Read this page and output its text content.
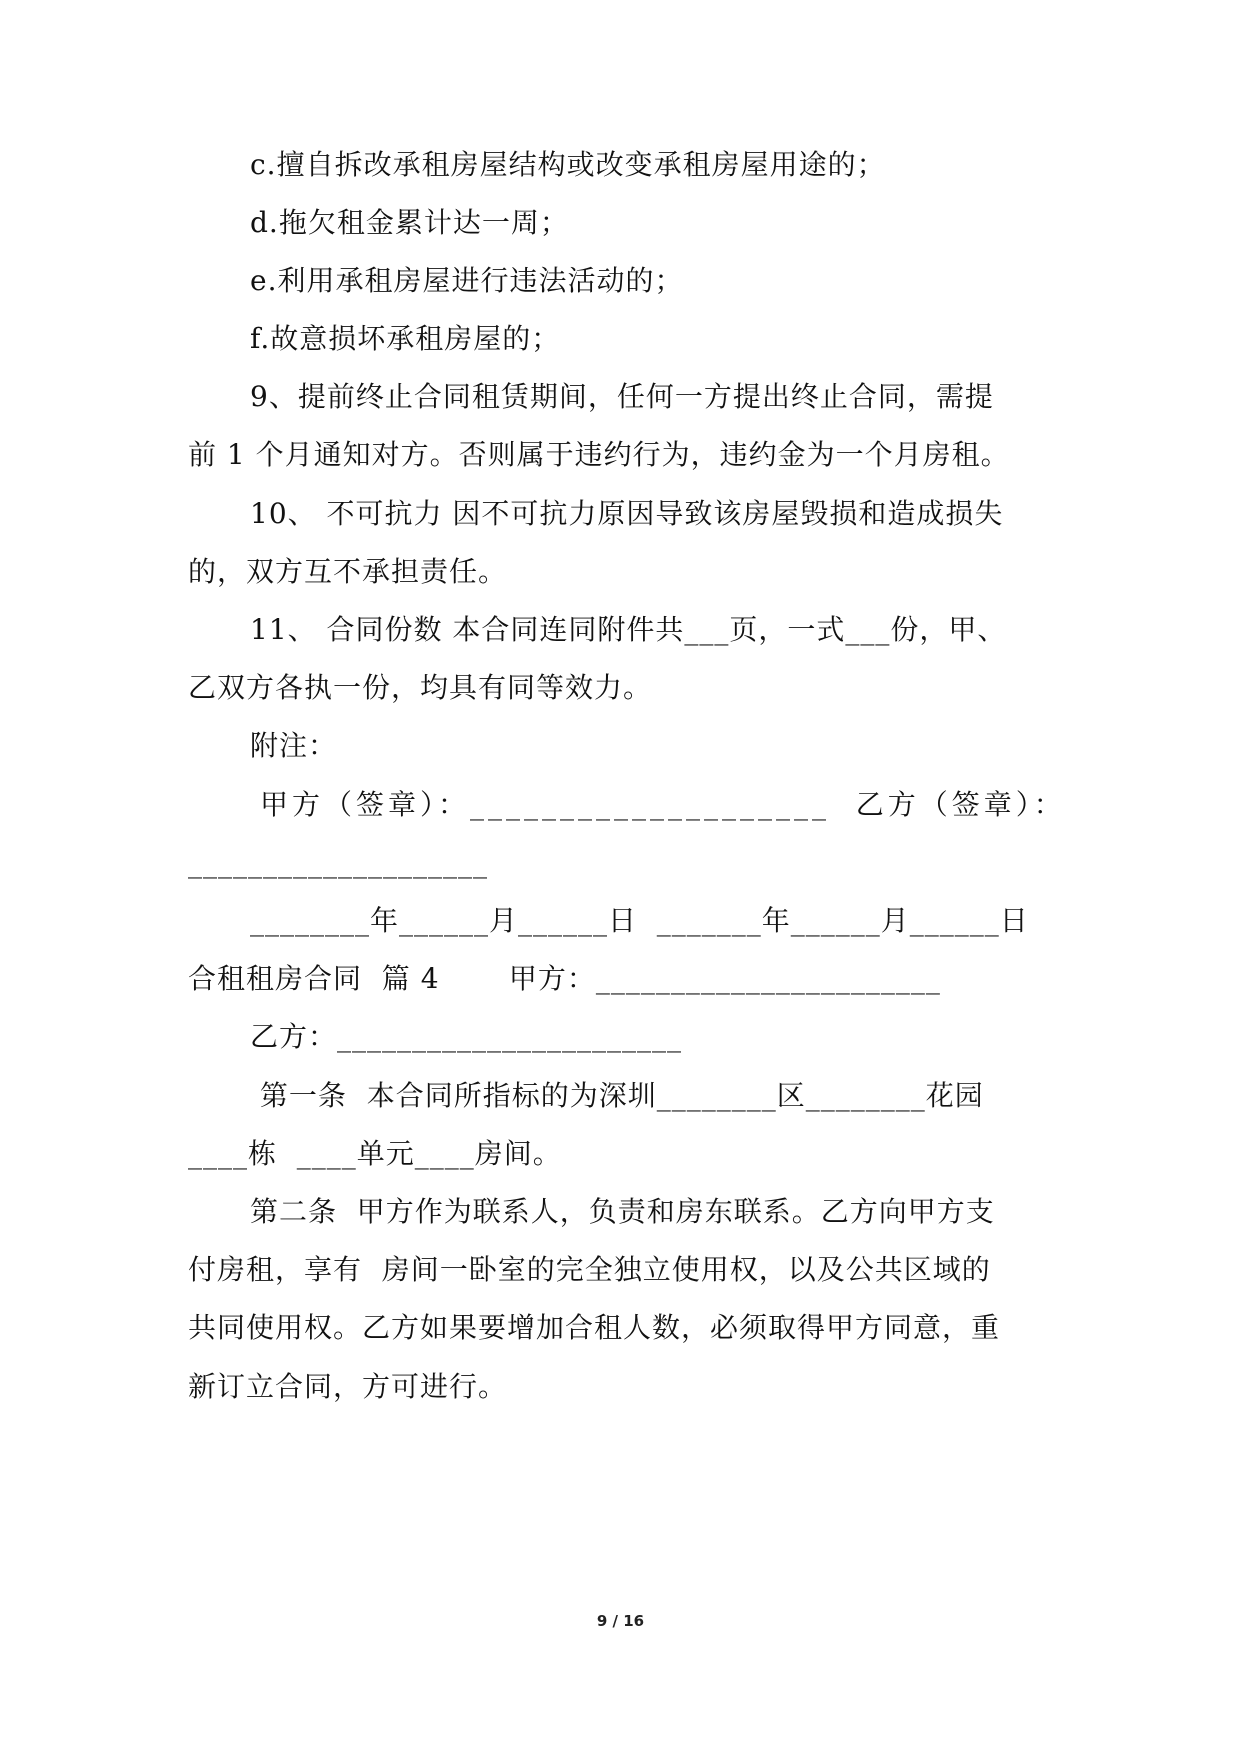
c.擅自拆改承租房屋结构或改变承租房屋用途的；
d.拖欠租金累计达一周；
e.利用承租房屋进行违法活动的；
f.故意损坏承租房屋的；
9、提前终止合同租赁期间，任何一方提出终止合同，需提
前 1 个月通知对方。否则属于违约行为，违约金为一个月房租。
10、 不可抗力 因不可抗力原因导致该房屋毁损和造成损失
的，双方互不承担责任。
11、 合同份数 本合同连同附件共___页，一式___份，甲、
乙双方各执一份，均具有同等效力。
附注：
甲方（签章）：____________________  乙方（签章）：
____________________
________年______月______日  _______年______月______日
合租租房合同  篇 4       甲方：_______________________
乙方：_______________________
第一条  本合同所指标的为深圳________区________花园
____栋  ____单元____房间。
第二条  甲方作为联系人，负责和房东联系。乙方向甲方支
付房租，享有  房间一卧室的完全独立使用权，以及公共区域的
共同使用权。乙方如果要增加合租人数，必须取得甲方同意，重
新订立合同，方可进行。
9 / 16
